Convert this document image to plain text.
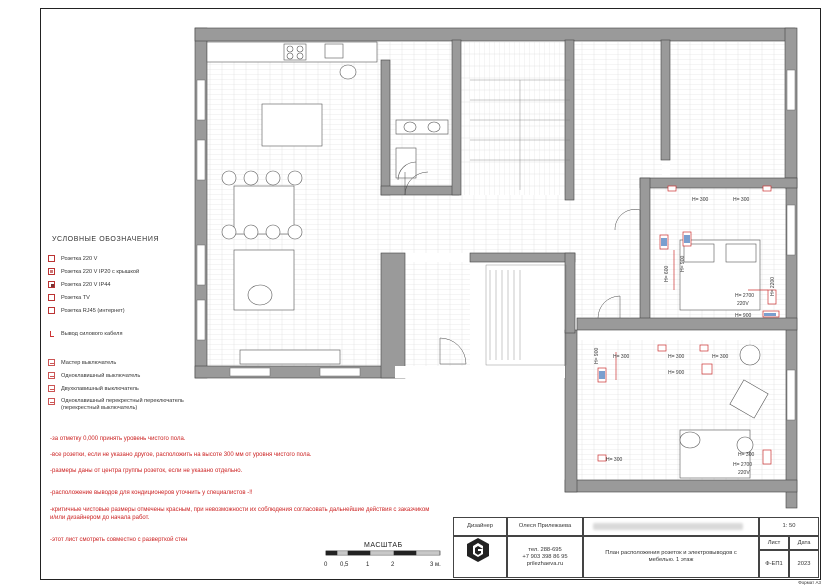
Н= 300	Н= 300
Н= 600
Н= 900
Н= 2700
220V
Н= 2200
Н= 900
Н= 900	Н= 300	Н= 300
Н= 900
Н= 300
Н= 300
Н= 2700
220V
Н= 300
УСЛОВНЫЕ ОБОЗНАЧЕНИЯ
Розетка 220 V
Розетка 220 V IP20 с крышкой
Розетка 220 V IP44
Розетка TV
Розетка RJ45 (интернет)
Вывод силового кабеля
Мастер выключатель
Одноклавишный выключатель
Двухклавишный выключатель
Одноклавишный перекрестный переключатель (перекрестный выключатель)
-за отметку 0,000 принять уровень чистого пола.
-все розетки, если не указано другое, расположить на высоте 300 мм от уровня чистого пола.
-размеры даны от центра группы розеток, если не указано отдельно.
-расположение выводов для кондиционеров уточнить у специалистов -!!
-критичные чистовые размеры отмечены красным, при невозможности их соблюдения согласовать дальнейшие действия с заказчиком и/или дизайнером до начала работ.
-этот лист смотреть совместно с разверткой стен
МАСШТАБ
0 0,5	1	2	3 м.
Дизайнер	Олеся Прилежаева	1: 50
тел. 288-695
+7 903 398 86 95
prilezhaeva.ru
План расположения розеток и электровыводов с мебелью. 1 этаж
Лист	Дата
Ф-ЕП1	2023
Формат А3
